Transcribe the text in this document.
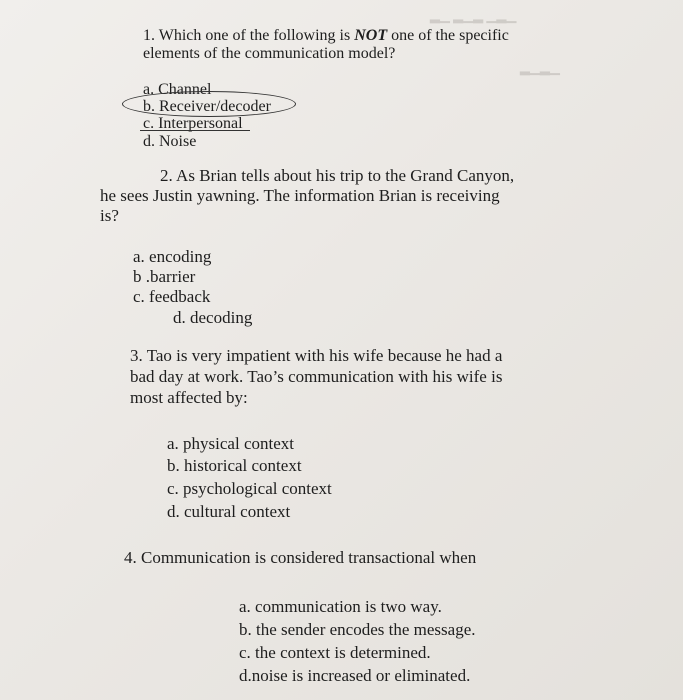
▁▂▁ ▂▁▂ ▁▂
▁▂▁▂
1. Which one of the following is NOT one of the specific
elements of the communication model?
a. Channel
b. Receiver/decoder
c. Interpersonal
d. Noise
2. As Brian tells about his trip to the Grand Canyon,
he sees Justin yawning. The information Brian is receiving
is?
a. encoding
b .barrier
c. feedback
d. decoding
3. Tao is very impatient with his wife because he had a
bad day at work. Tao’s communication with his wife is
most affected by:
a. physical context
b. historical context
c. psychological context
d. cultural context
4. Communication is considered transactional when
a. communication is two way.
b. the sender encodes the message.
c. the context is determined.
d.noise is increased or eliminated.
